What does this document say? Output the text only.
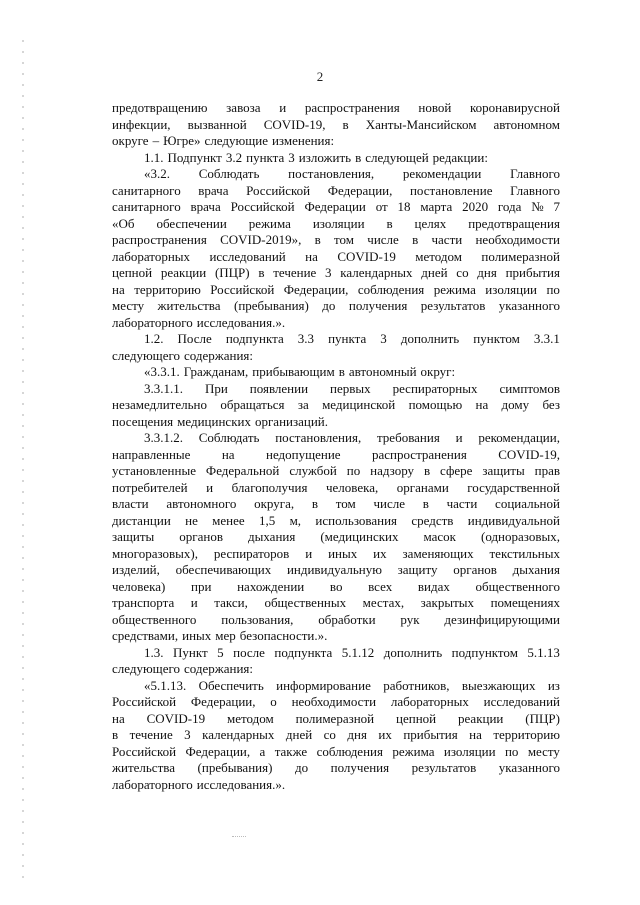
2
предотвращению завоза и распространения новой коронавирусной
инфекции, вызванной COVID-19, в Ханты-Мансийском автономном
округе – Югре» следующие изменения:
1.1. Подпункт 3.2 пункта 3 изложить в следующей редакции:
«3.2. Соблюдать постановления, рекомендации Главного
санитарного врача Российской Федерации, постановление Главного
санитарного врача Российской Федерации от 18 марта 2020 года № 7
«Об обеспечении режима изоляции в целях предотвращения
распространения COVID-2019», в том числе в части необходимости
лабораторных исследований на COVID-19 методом полимеразной
цепной реакции (ПЦР) в течение 3 календарных дней со дня прибытия
на территорию Российской Федерации, соблюдения режима изоляции по
месту жительства (пребывания) до получения результатов указанного
лабораторного исследования.».
1.2. После подпункта 3.3 пункта 3 дополнить пунктом 3.3.1
следующего содержания:
«3.3.1. Гражданам, прибывающим в автономный округ:
3.3.1.1. При появлении первых респираторных симптомов
незамедлительно обращаться за медицинской помощью на дому без
посещения медицинских организаций.
3.3.1.2. Соблюдать постановления, требования и рекомендации,
направленные на недопущение распространения COVID-19,
установленные Федеральной службой по надзору в сфере защиты прав
потребителей и благополучия человека, органами государственной
власти автономного округа, в том числе в части социальной
дистанции не менее 1,5 м, использования средств индивидуальной
защиты органов дыхания (медицинских масок (одноразовых,
многоразовых), респираторов и иных их заменяющих текстильных
изделий, обеспечивающих индивидуальную защиту органов дыхания
человека) при нахождении во всех видах общественного
транспорта и такси, общественных местах, закрытых помещениях
общественного пользования, обработки рук дезинфицирующими
средствами, иных мер безопасности.».
1.3. Пункт 5 после подпункта 5.1.12 дополнить подпунктом 5.1.13
следующего содержания:
«5.1.13. Обеспечить информирование работников, выезжающих из
Российской Федерации, о необходимости лабораторных исследований
на COVID-19 методом полимеразной цепной реакции (ПЦР)
в течение 3 календарных дней со дня их прибытия на территорию
Российской Федерации, а также соблюдения режима изоляции по месту
жительства (пребывания) до получения результатов указанного
лабораторного исследования.».
